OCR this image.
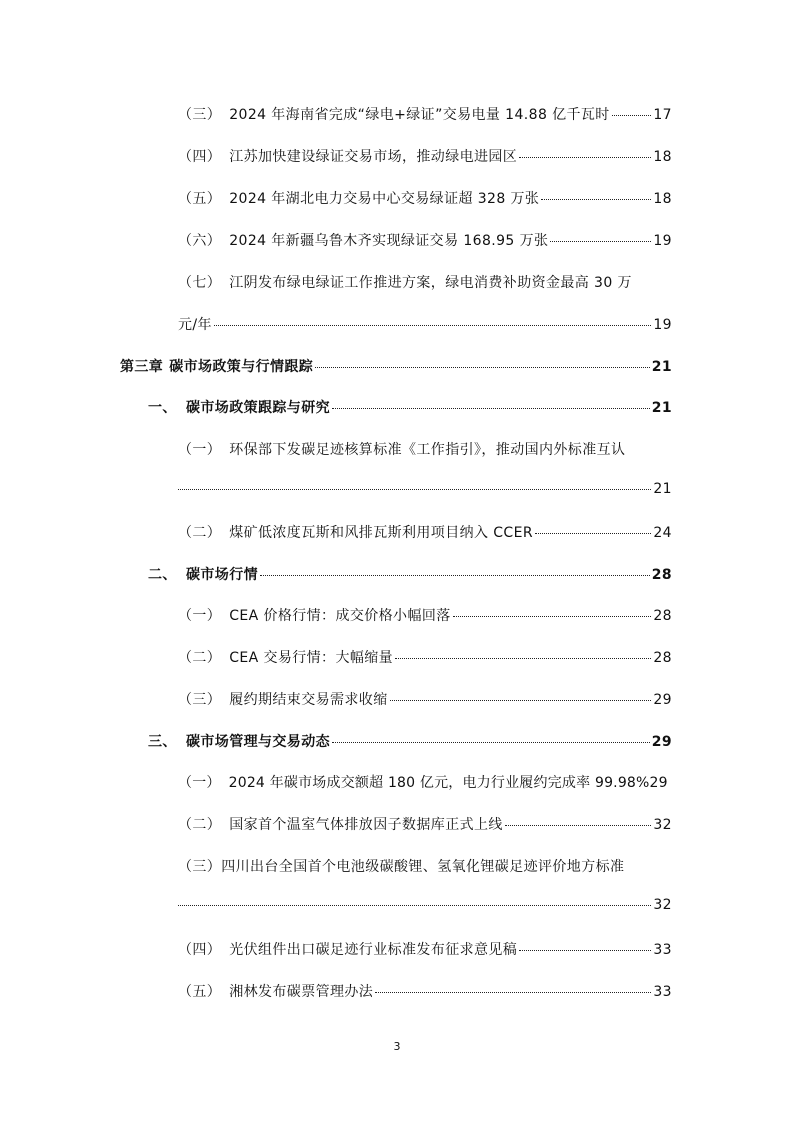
（三） 2024 年海南省完成“绿电+绿证”交易电量 14.88 亿千瓦时	17
（四） 江苏加快建设绿证交易市场，推动绿电进园区	18
（五） 2024 年湖北电力交易中心交易绿证超 328 万张	18
（六） 2024 年新疆乌鲁木齐实现绿证交易 168.95 万张	19
（七） 江阴发布绿电绿证工作推进方案，绿电消费补助资金最高 30 万
元/年	19
第三章 碳市场政策与行情跟踪	21
一、 碳市场政策跟踪与研究	21
（一） 环保部下发碳足迹核算标准《工作指引》，推动国内外标准互认
21
（二） 煤矿低浓度瓦斯和风排瓦斯利用项目纳入 CCER	24
二、 碳市场行情	28
（一） CEA 价格行情：成交价格小幅回落	28
（二） CEA 交易行情：大幅缩量	28
（三） 履约期结束交易需求收缩	29
三、 碳市场管理与交易动态	29
（一） 2024 年碳市场成交额超 180 亿元，电力行业履约完成率 99.98% 29
（二） 国家首个温室气体排放因子数据库正式上线	32
（三）四川出台全国首个电池级碳酸锂、氢氧化锂碳足迹评价地方标准
32
（四） 光伏组件出口碳足迹行业标准发布征求意见稿	33
（五） 湘林发布碳票管理办法	33
3
